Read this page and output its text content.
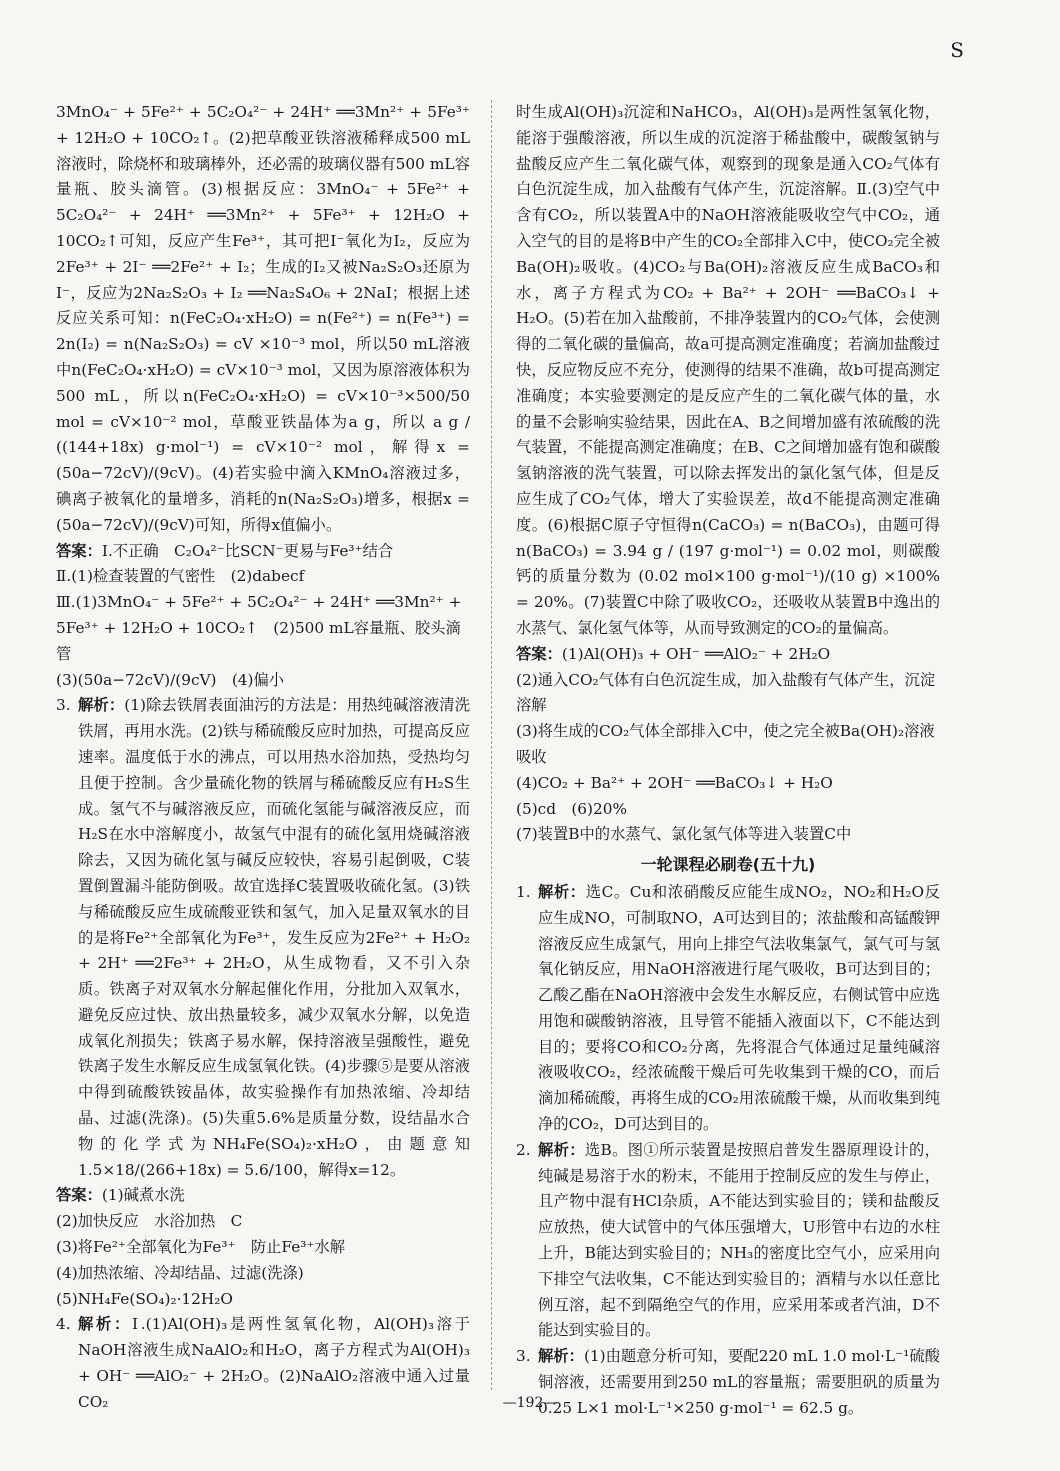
S

3MnO₄⁻ + 5Fe²⁺ + 5C₂O₄²⁻ + 24H⁺ ══3Mn²⁺ + 5Fe³⁺ + 12H₂O + 10CO₂↑。(2)把草酸亚铁溶液稀释成500 mL溶液时，除烧杯和玻璃棒外，还必需的玻璃仪器有500 mL容量瓶、胶头滴管。(3)根据反应：3MnO₄⁻ + 5Fe²⁺ + 5C₂O₄²⁻ + 24H⁺ ══3Mn²⁺ + 5Fe³⁺ + 12H₂O + 10CO₂↑可知，反应产生Fe³⁺，其可把I⁻氧化为I₂，反应为2Fe³⁺ + 2I⁻ ══2Fe²⁺ + I₂；生成的I₂又被Na₂S₂O₃还原为I⁻，反应为2Na₂S₂O₃ + I₂ ══Na₂S₄O₆ + 2NaI；根据上述反应关系可知：n(FeC₂O₄·xH₂O) = n(Fe²⁺) = n(Fe³⁺) = 2n(I₂) = n(Na₂S₂O₃) = cV ×10⁻³ mol，所以50 mL溶液中n(FeC₂O₄·xH₂O) = cV×10⁻³ mol，又因为原溶液体积为500 mL，所以n(FeC₂O₄·xH₂O) = cV×10⁻³×500/50 mol = cV×10⁻² mol，草酸亚铁晶体为a g，所以 a g / ((144+18x) g·mol⁻¹) = cV×10⁻² mol，解得x = (50a−72cV)/(9cV)。(4)若实验中滴入KMnO₄溶液过多，碘离子被氧化的量增多，消耗的n(Na₂S₂O₃)增多，根据x = (50a−72cV)/(9cV)可知，所得x值偏小。

答案：Ⅰ.不正确　C₂O₄²⁻比SCN⁻更易与Fe³⁺结合
Ⅱ.(1)检查装置的气密性　(2)dabecf
Ⅲ.(1)3MnO₄⁻ + 5Fe²⁺ + 5C₂O₄²⁻ + 24H⁺ ══3Mn²⁺ + 5Fe³⁺ + 12H₂O + 10CO₂↑　(2)500 mL容量瓶、胶头滴管
(3)(50a−72cV)/(9cV)　(4)偏小
3. 解析：(1)除去铁屑表面油污的方法是：用热纯碱溶液清洗铁屑，再用水洗。(2)铁与稀硫酸反应时加热，可提高反应速率。温度低于水的沸点，可以用热水浴加热，受热均匀且便于控制。含少量硫化物的铁屑与稀硫酸反应有H₂S生成。氢气不与碱溶液反应，而硫化氢能与碱溶液反应，而H₂S在水中溶解度小，故氢气中混有的硫化氢用烧碱溶液除去，又因为硫化氢与碱反应较快，容易引起倒吸，C装置倒置漏斗能防倒吸。故宜选择C装置吸收硫化氢。(3)铁与稀硫酸反应生成硫酸亚铁和氢气，加入足量双氧水的目的是将Fe²⁺全部氧化为Fe³⁺，发生反应为2Fe²⁺ + H₂O₂ + 2H⁺ ══2Fe³⁺ + 2H₂O，从生成物看，又不引入杂质。铁离子对双氧水分解起催化作用，分批加入双氧水，避免反应过快、放出热量较多，减少双氧水分解，以免造成氧化剂损失；铁离子易水解，保持溶液呈强酸性，避免铁离子发生水解反应生成氢氧化铁。(4)步骤⑤是要从溶液中得到硫酸铁铵晶体，故实验操作有加热浓缩、冷却结晶、过滤(洗涤)。(5)失重5.6%是质量分数，设结晶水合物的化学式为NH₄Fe(SO₄)₂·xH₂O，由题意知 1.5×18/(266+18x) = 5.6/100，解得x=12。
答案：(1)碱煮水洗
(2)加快反应　水浴加热　C
(3)将Fe²⁺全部氧化为Fe³⁺　防止Fe³⁺水解
(4)加热浓缩、冷却结晶、过滤(洗涤)
(5)NH₄Fe(SO₄)₂·12H₂O
4. 解析：Ⅰ.(1)Al(OH)₃是两性氢氧化物，Al(OH)₃溶于NaOH溶液生成NaAlO₂和H₂O，离子方程式为Al(OH)₃ + OH⁻ ══AlO₂⁻ + 2H₂O。(2)NaAlO₂溶液中通入过量CO₂

时生成Al(OH)₃沉淀和NaHCO₃，Al(OH)₃是两性氢氧化物，能溶于强酸溶液，所以生成的沉淀溶于稀盐酸中，碳酸氢钠与盐酸反应产生二氧化碳气体，观察到的现象是通入CO₂气体有白色沉淀生成，加入盐酸有气体产生，沉淀溶解。Ⅱ.(3)空气中含有CO₂，所以装置A中的NaOH溶液能吸收空气中CO₂，通入空气的目的是将B中产生的CO₂全部排入C中，使CO₂完全被Ba(OH)₂吸收。(4)CO₂与Ba(OH)₂溶液反应生成BaCO₃和水，离子方程式为CO₂ + Ba²⁺ + 2OH⁻ ══BaCO₃↓ + H₂O。(5)若在加入盐酸前，不排净装置内的CO₂气体，会使测得的二氧化碳的量偏高，故a可提高测定准确度；若滴加盐酸过快，反应物反应不充分，使测得的结果不准确，故b可提高测定准确度；本实验要测定的是反应产生的二氧化碳气体的量，水的量不会影响实验结果，因此在A、B之间增加盛有浓硫酸的洗气装置，不能提高测定准确度；在B、C之间增加盛有饱和碳酸氢钠溶液的洗气装置，可以除去挥发出的氯化氢气体，但是反应生成了CO₂气体，增大了实验误差，故d不能提高测定准确度。(6)根据C原子守恒得n(CaCO₃) = n(BaCO₃)，由题可得 n(BaCO₃) = 3.94 g / (197 g·mol⁻¹) = 0.02 mol，则碳酸钙的质量分数为 (0.02 mol×100 g·mol⁻¹)/(10 g) ×100% = 20%。(7)装置C中除了吸收CO₂，还吸收从装置B中逸出的水蒸气、氯化氢气体等，从而导致测定的CO₂的量偏高。

答案：(1)Al(OH)₃ + OH⁻ ══AlO₂⁻ + 2H₂O
(2)通入CO₂气体有白色沉淀生成，加入盐酸有气体产生，沉淀溶解
(3)将生成的CO₂气体全部排入C中，使之完全被Ba(OH)₂溶液吸收
(4)CO₂ + Ba²⁺ + 2OH⁻ ══BaCO₃↓ + H₂O
(5)cd　(6)20%
(7)装置B中的水蒸气、氯化氢气体等进入装置C中
一轮课程必刷卷(五十九)
1. 解析：选C。Cu和浓硝酸反应能生成NO₂，NO₂和H₂O反应生成NO，可制取NO，A可达到目的；浓盐酸和高锰酸钾溶液反应生成氯气，用向上排空气法收集氯气，氯气可与氢氧化钠反应，用NaOH溶液进行尾气吸收，B可达到目的；乙酸乙酯在NaOH溶液中会发生水解反应，右侧试管中应选用饱和碳酸钠溶液，且导管不能插入液面以下，C不能达到目的；要将CO和CO₂分离，先将混合气体通过足量纯碱溶液吸收CO₂，经浓硫酸干燥后可先收集到干燥的CO，而后滴加稀硫酸，再将生成的CO₂用浓硫酸干燥，从而收集到纯净的CO₂，D可达到目的。
2. 解析：选B。图①所示装置是按照启普发生器原理设计的，纯碱是易溶于水的粉末，不能用于控制反应的发生与停止，且产物中混有HCl杂质，A不能达到实验目的；镁和盐酸反应放热，使大试管中的气体压强增大，U形管中右边的水柱上升，B能达到实验目的；NH₃的密度比空气小，应采用向下排空气法收集，C不能达到实验目的；酒精与水以任意比例互溶，起不到隔绝空气的作用，应采用苯或者汽油，D不能达到实验目的。
3. 解析：(1)由题意分析可知，要配220 mL 1.0 mol·L⁻¹硫酸铜溶液，还需要用到250 mL的容量瓶；需要胆矾的质量为0.25 L×1 mol·L⁻¹×250 g·mol⁻¹ = 62.5 g。
—192—
